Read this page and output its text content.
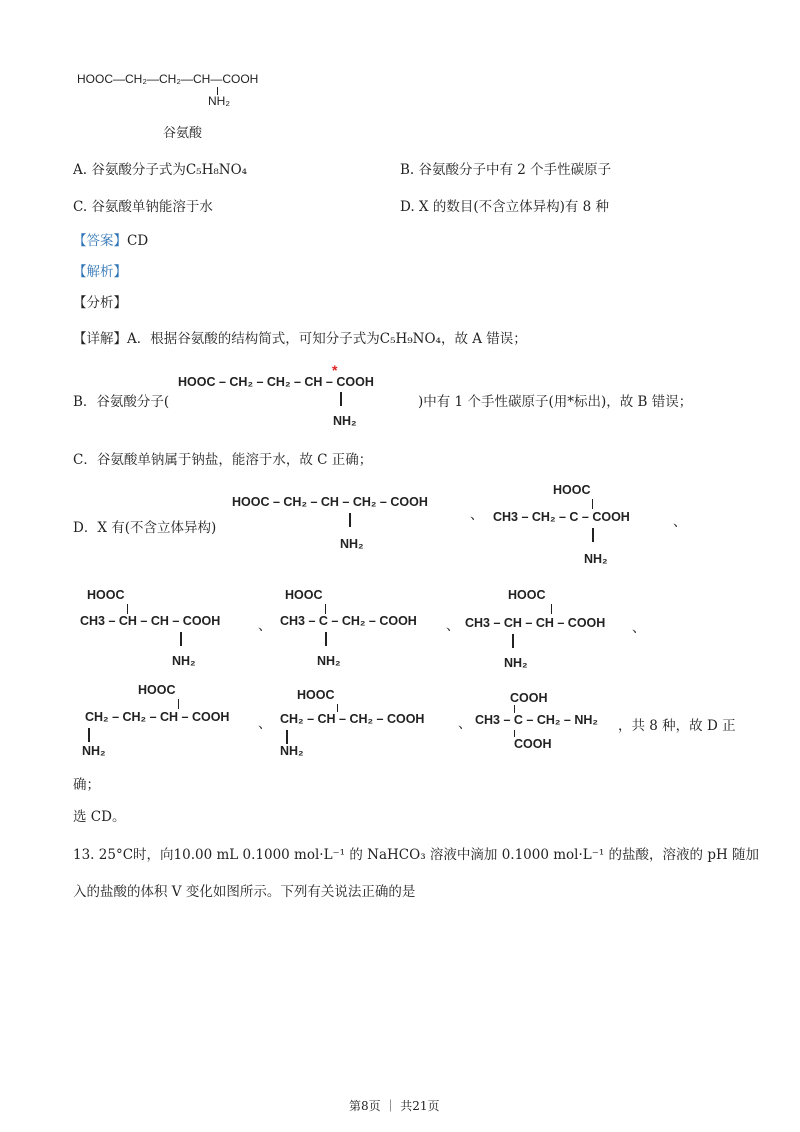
HOOC—CH₂—CH₂—CH—COOH
NH₂
谷氨酸
A. 谷氨酸分子式为C₅H₈NO₄	B. 谷氨酸分子中有 2 个手性碳原子
C. 谷氨酸单钠能溶于水	D. X 的数目(不含立体异构)有 8 种
【答案】CD
【解析】
【分析】
【详解】A．根据谷氨酸的结构简式，可知分子式为C₅H₉NO₄，故 A 错误；
B．谷氨酸分子(
*
HOOC – CH₂ – CH₂ – CH – COOH
NH₂
)中有 1 个手性碳原子(用*标出)，故 B 错误；
C．谷氨酸单钠属于钠盐，能溶于水，故 C 正确；
D．X 有(不含立体异构)
HOOC – CH₂ – CH – CH₂ – COOH
NH₂
、
HOOC
CH3 – CH₂ – C – COOH
NH₂
、
HOOC
CH3 – CH – CH – COOH
NH₂
、
HOOC
CH3 – C – CH₂ – COOH
NH₂
、
HOOC
CH3 – CH – CH – COOH
NH₂
、
HOOC
CH₂ – CH₂ – CH – COOH
NH₂
、
HOOC
CH₂ – CH – CH₂ – COOH
NH₂
、
COOH
CH3 – C – CH₂ – NH₂
COOH
，共 8 种，故 D 正
确；
选 CD。
13. 25°C时，向10.00 mL 0.1000 mol·L⁻¹ 的 NaHCO₃ 溶液中滴加 0.1000 mol·L⁻¹ 的盐酸，溶液的 pH 随加
入的盐酸的体积 V 变化如图所示。下列有关说法正确的是
第8页 ｜ 共21页
